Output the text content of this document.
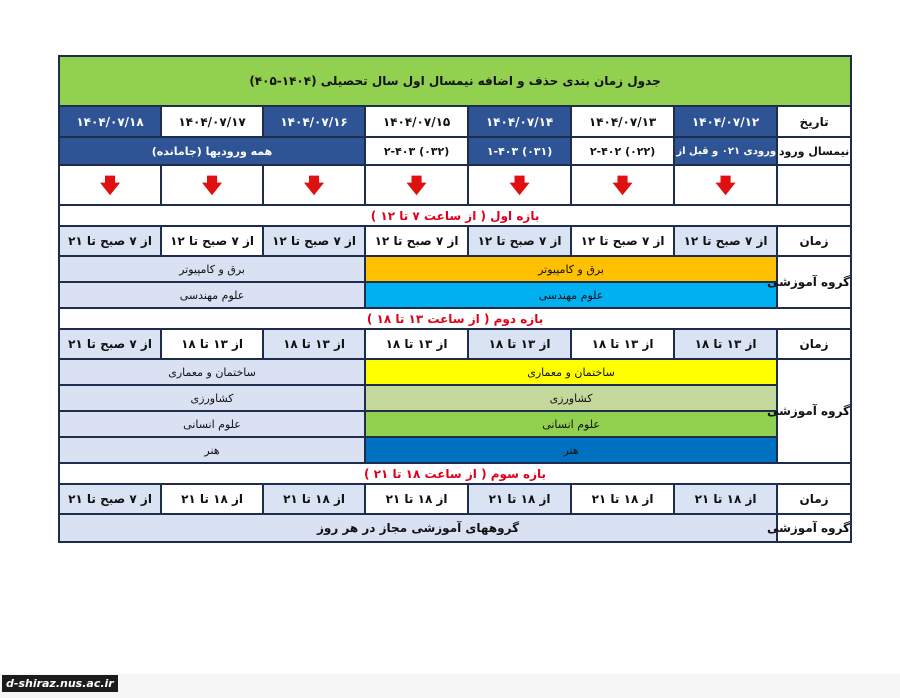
جدول زمان بندی حذف و اضافه نیمسال اول سال تحصیلی (۱۴۰۴-۴۰۵)							
تاریخ	۱۴۰۴/۰۷/۱۲	۱۴۰۴/۰۷/۱۳	۱۴۰۴/۰۷/۱۴	۱۴۰۴/۰۷/۱۵	۱۴۰۴/۰۷/۱۶	۱۴۰۴/۰۷/۱۷	۱۴۰۴/۰۷/۱۸
نیمسال ورود	ورودی ۰۲۱ و قبل از آن	(۰۲۲) ۲-۴۰۲	(۰۳۱) ۱-۴۰۳	(۰۳۲) ۲-۴۰۳	همه ورودیها (جامانده)		
	🡇	🡇	🡇	🡇	🡇	🡇	🡇
بازه اول ( از ساعت ۷ تا ۱۲ )							
زمان	از ۷ صبح تا ۱۲	از ۷ صبح تا ۱۲	از ۷ صبح تا ۱۲	از ۷ صبح تا ۱۲	از ۷ صبح تا ۱۲	از ۷ صبح تا ۱۲	از ۷ صبح تا ۲۱
گروه آموزشی	برق و کامپیوتر				برق و کامپیوتر		
	علوم مهندسی				علوم مهندسی		
بازه دوم ( از ساعت ۱۳ تا ۱۸ )							
زمان	از ۱۳ تا ۱۸	از ۱۳ تا ۱۸	از ۱۳ تا ۱۸	از ۱۳ تا ۱۸	از ۱۳ تا ۱۸	از ۱۳ تا ۱۸	از ۷ صبح تا ۲۱
گروه آموزشی	ساختمان و معماری				ساختمان و معماری		
	کشاورزی				کشاورزی		
	علوم انسانی				علوم انسانی		
	هنر				هنر		
بازه سوم ( از ساعت ۱۸ تا ۲۱ )							
زمان	از ۱۸ تا ۲۱	از ۱۸ تا ۲۱	از ۱۸ تا ۲۱	از ۱۸ تا ۲۱	از ۱۸ تا ۲۱	از ۱۸ تا ۲۱	از ۷ صبح تا ۲۱
گروه آموزشی	گروههای آموزشی مجاز در هر روز						
d-shiraz.nus.ac.ir
